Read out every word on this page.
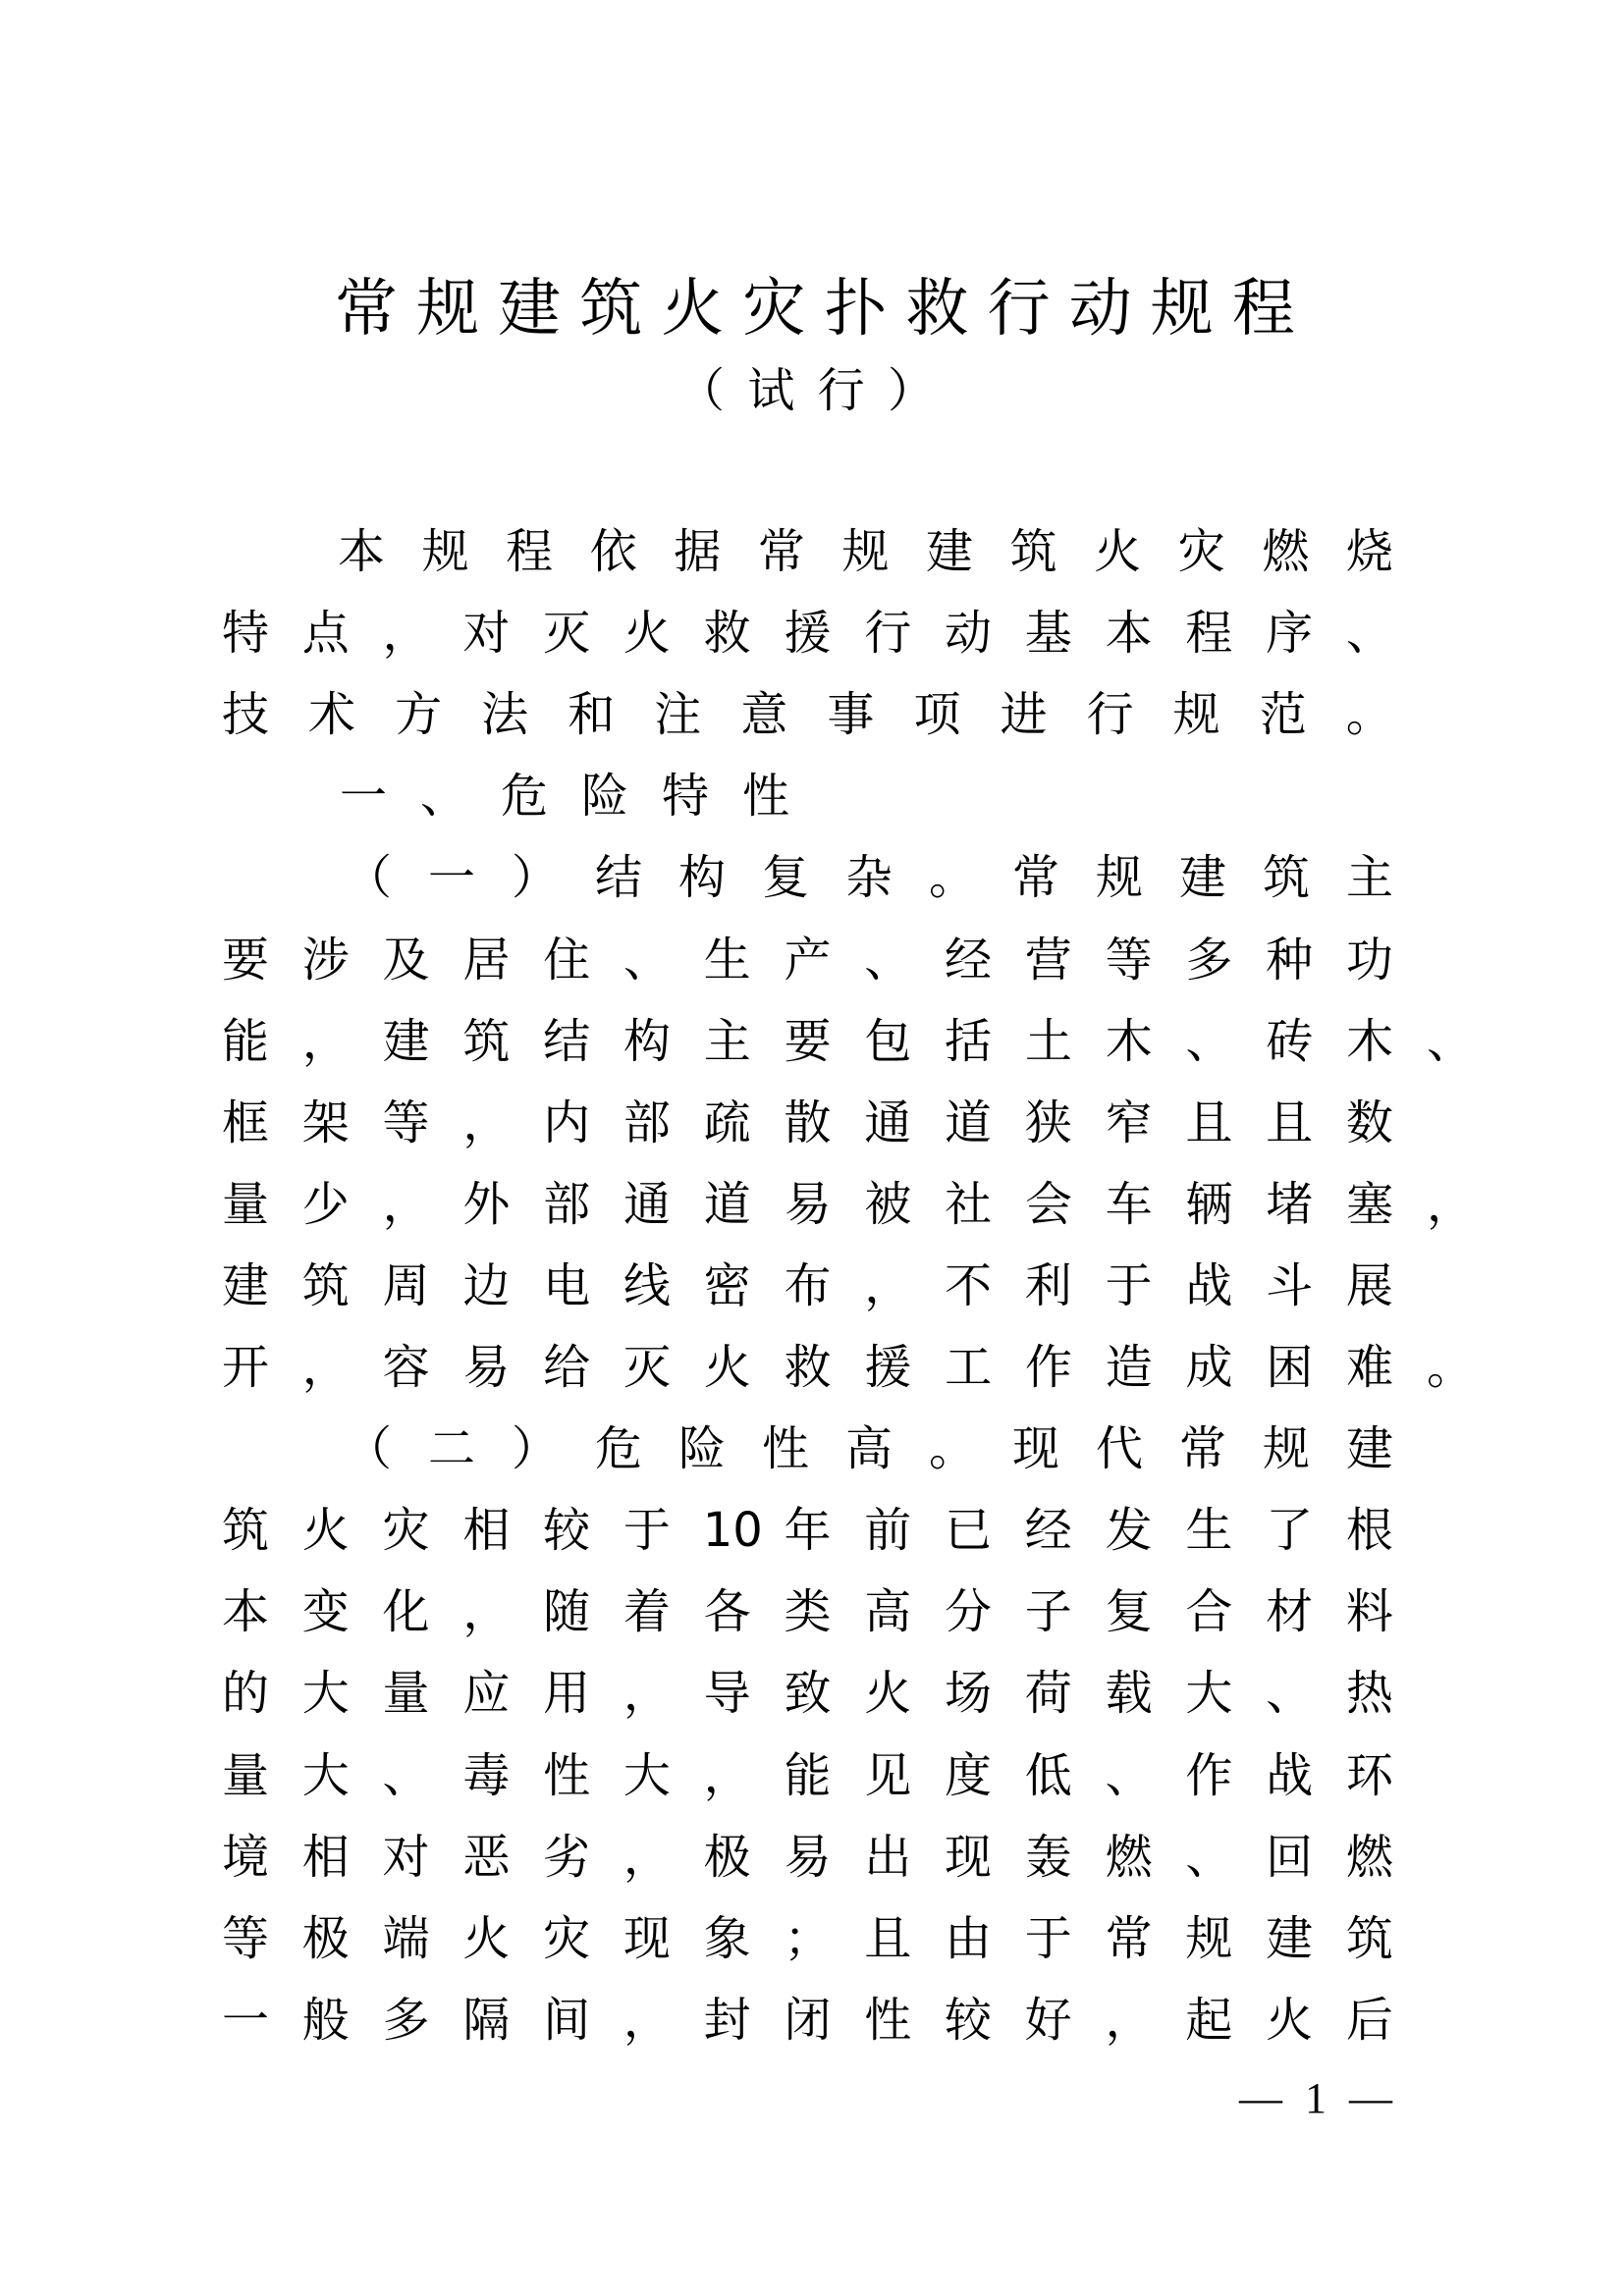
常 规 建 筑 火 灾 扑 救 行 动 规 程
（ 试 行 ）
本 规 程 依 据 常 规 建 筑 火 灾 燃 烧
特 点 ， 对 灭 火 救 援 行 动 基 本 程 序 、
技 术 方 法 和 注 意 事 项 进 行 规 范 。
一、危险特性
（ 一 ） 结 构 复 杂 。 常 规 建 筑 主
要 涉 及 居 住 、 生 产 、 经 营 等 多 种 功
能 ， 建 筑 结 构 主 要 包 括 土 木 、 砖 木 、
框 架 等 ， 内 部 疏 散 通 道 狭 窄 且 且 数
量 少 ， 外 部 通 道 易 被 社 会 车 辆 堵 塞 ，
建 筑 周 边 电 线 密 布 ， 不 利 于 战 斗 展
开 ， 容 易 给 灭 火 救 援 工 作 造 成 困 难 。
（ 二 ） 危 险 性 高 。 现 代 常 规 建
筑 火 灾 相 较 于 10 年 前 已 经 发 生 了 根
本 变 化 ， 随 着 各 类 高 分 子 复 合 材 料
的 大 量 应 用 ， 导 致 火 场 荷 载 大 、 热
量 大 、 毒 性 大 ， 能 见 度 低 、 作 战 环
境 相 对 恶 劣 ， 极 易 出 现 轰 燃 、 回 燃
等 极 端 火 灾 现 象 ； 且 由 于 常 规 建 筑
一 般 多 隔 间 ， 封 闭 性 较 好 ， 起 火 后
— 1 —
